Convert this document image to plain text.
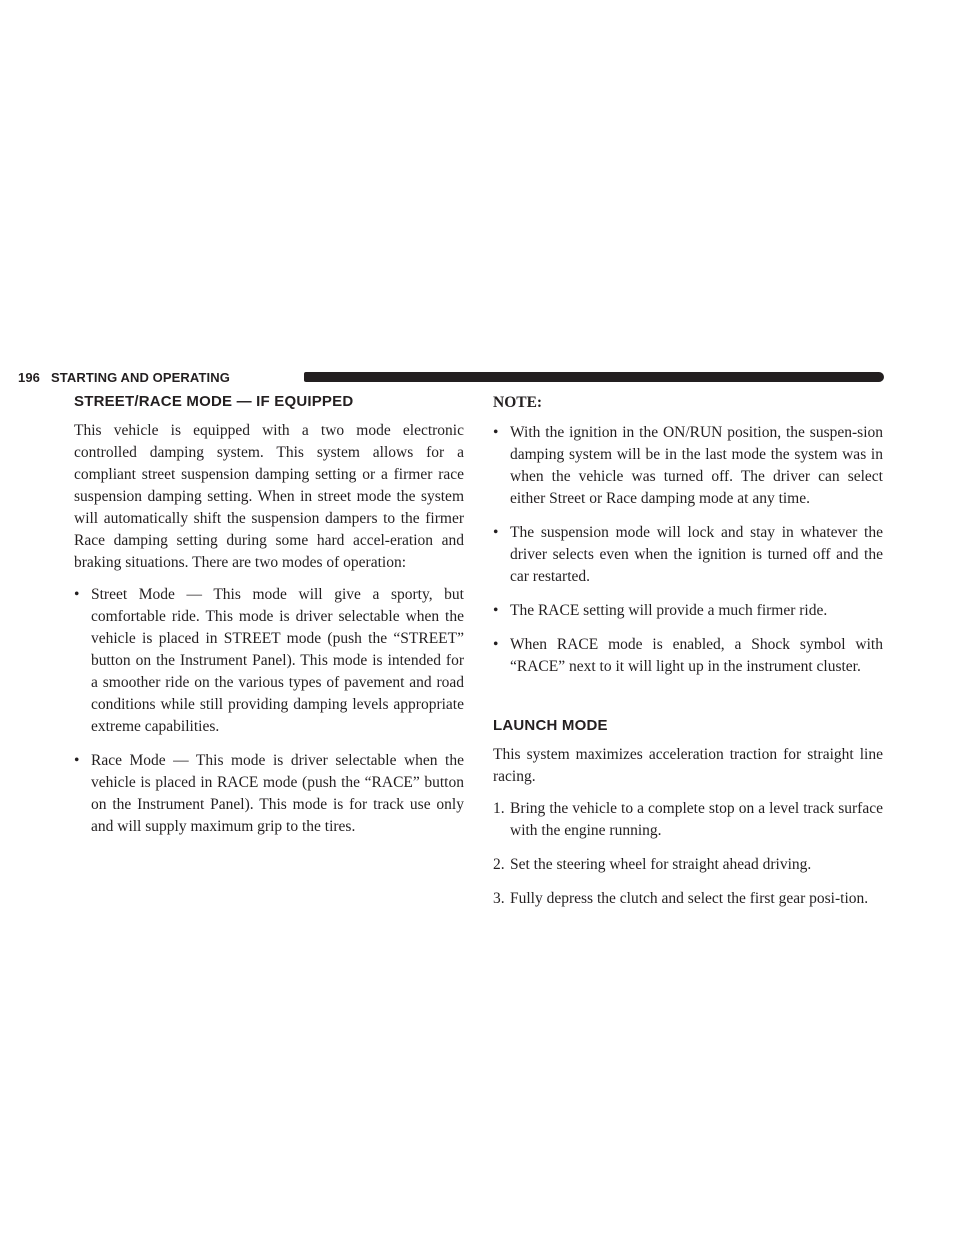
196 STARTING AND OPERATING
STREET/RACE MODE — IF EQUIPPED

This vehicle is equipped with a two mode electronic controlled damping system. This system allows for a compliant street suspension damping setting or a firmer race suspension damping setting. When in street mode the system will automatically shift the suspension dampers to the firmer Race damping setting during some hard accel-eration and braking situations. There are two modes of operation:

• Street Mode — This mode will give a sporty, but comfortable ride. This mode is driver selectable when the vehicle is placed in STREET mode (push the “STREET” button on the Instrument Panel). This mode is intended for a smoother ride on the various types of pavement and road conditions while still providing damping levels appropriate extreme capabilities.
• Race Mode — This mode is driver selectable when the vehicle is placed in RACE mode (push the “RACE” button on the Instrument Panel). This mode is for track use only and will supply maximum grip to the tires.
NOTE:
• With the ignition in the ON/RUN position, the suspen-sion damping system will be in the last mode the system was in when the vehicle was turned off. The driver can select either Street or Race damping mode at any time.
• The suspension mode will lock and stay in whatever the driver selects even when the ignition is turned off and the car restarted.
• The RACE setting will provide a much firmer ride.
• When RACE mode is enabled, a Shock symbol with “RACE” next to it will light up in the instrument cluster.
LAUNCH MODE

This system maximizes acceleration traction for straight line racing.

1. Bring the vehicle to a complete stop on a level track surface with the engine running.
2. Set the steering wheel for straight ahead driving.
3. Fully depress the clutch and select the first gear posi-tion.
